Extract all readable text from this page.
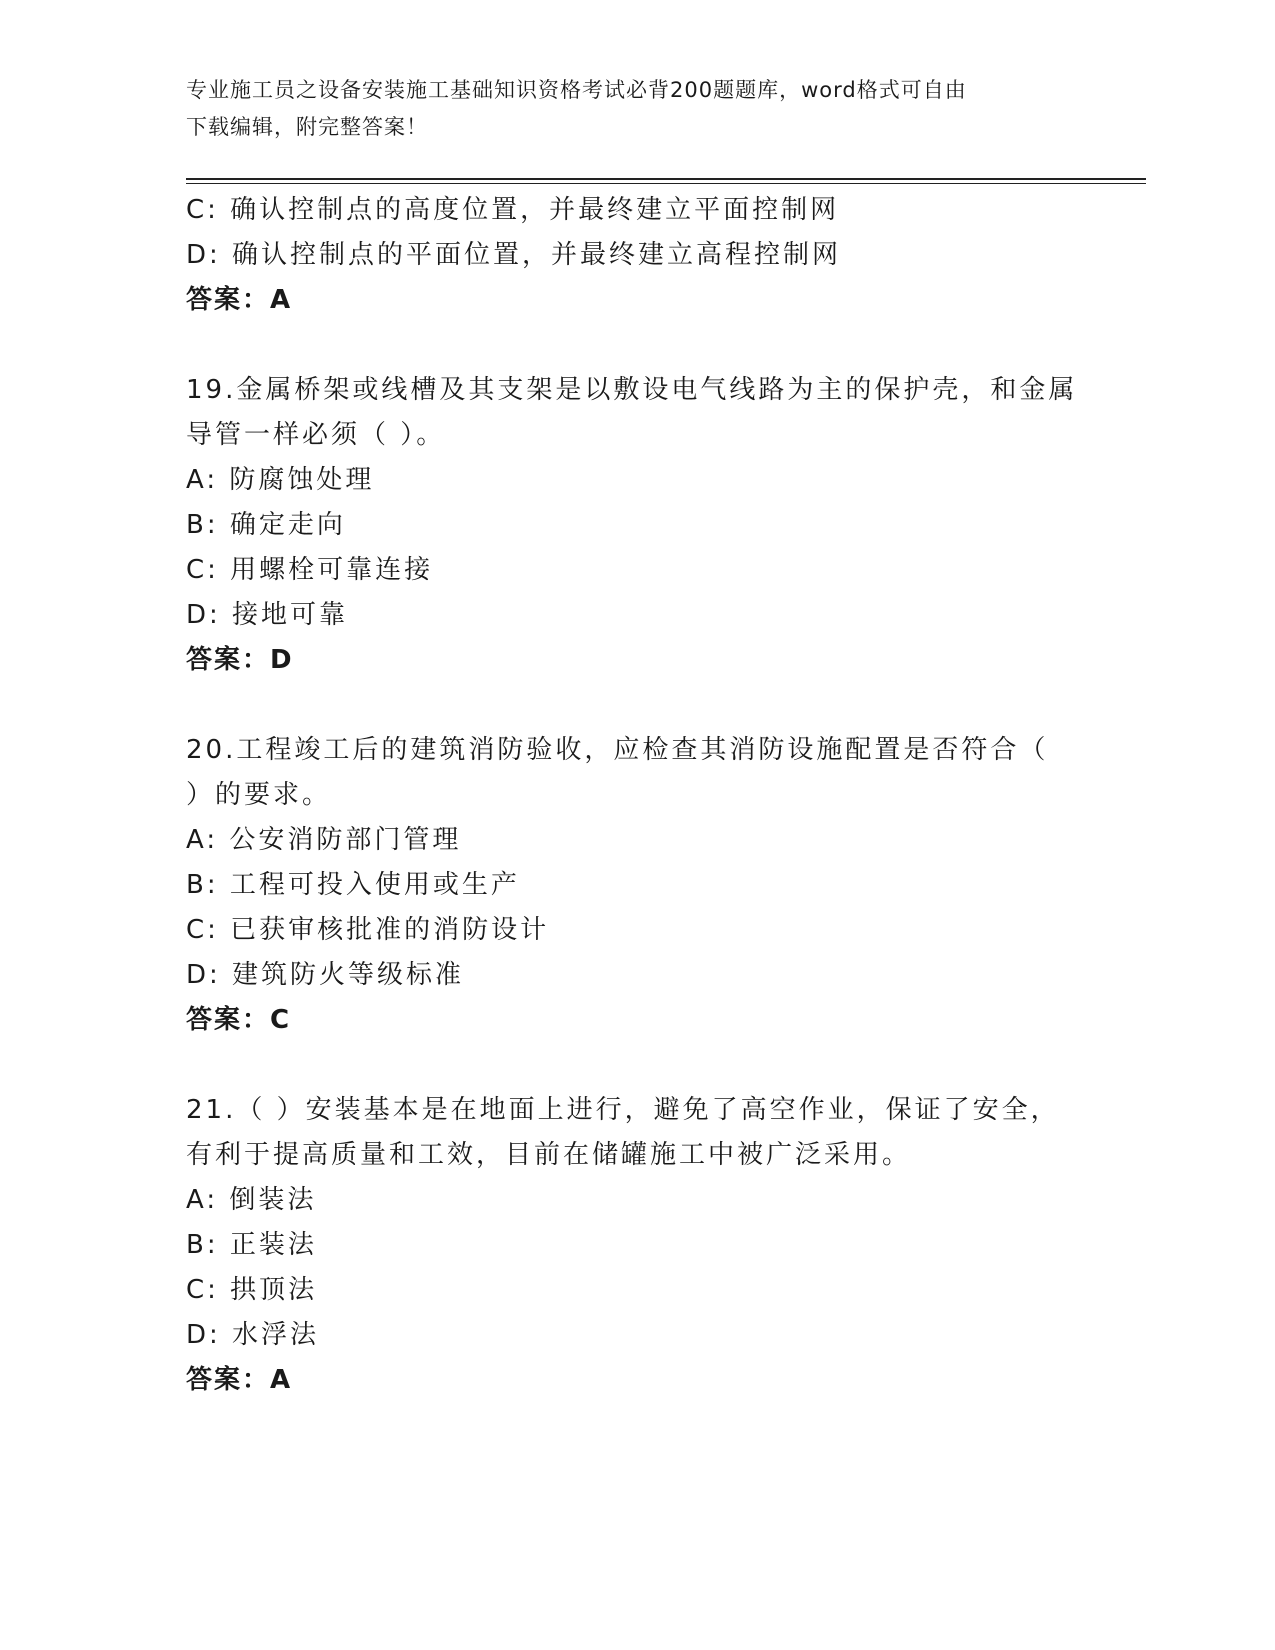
专业施工员之设备安装施工基础知识资格考试必背200题题库，word格式可自由
下载编辑，附完整答案！
C: 确认控制点的高度位置，并最终建立平面控制网
D: 确认控制点的平面位置，并最终建立高程控制网
答案：A
19.金属桥架或线槽及其支架是以敷设电气线路为主的保护壳，和金属
导管一样必须（ ）。
A: 防腐蚀处理
B: 确定走向
C: 用螺栓可靠连接
D: 接地可靠
答案：D
20.工程竣工后的建筑消防验收，应检查其消防设施配置是否符合（
）的要求。
A: 公安消防部门管理
B: 工程可投入使用或生产
C: 已获审核批准的消防设计
D: 建筑防火等级标准
答案：C
21.（ ）安装基本是在地面上进行，避免了高空作业，保证了安全，
有利于提高质量和工效，目前在储罐施工中被广泛采用。
A: 倒装法
B: 正装法
C: 拱顶法
D: 水浮法
答案：A
